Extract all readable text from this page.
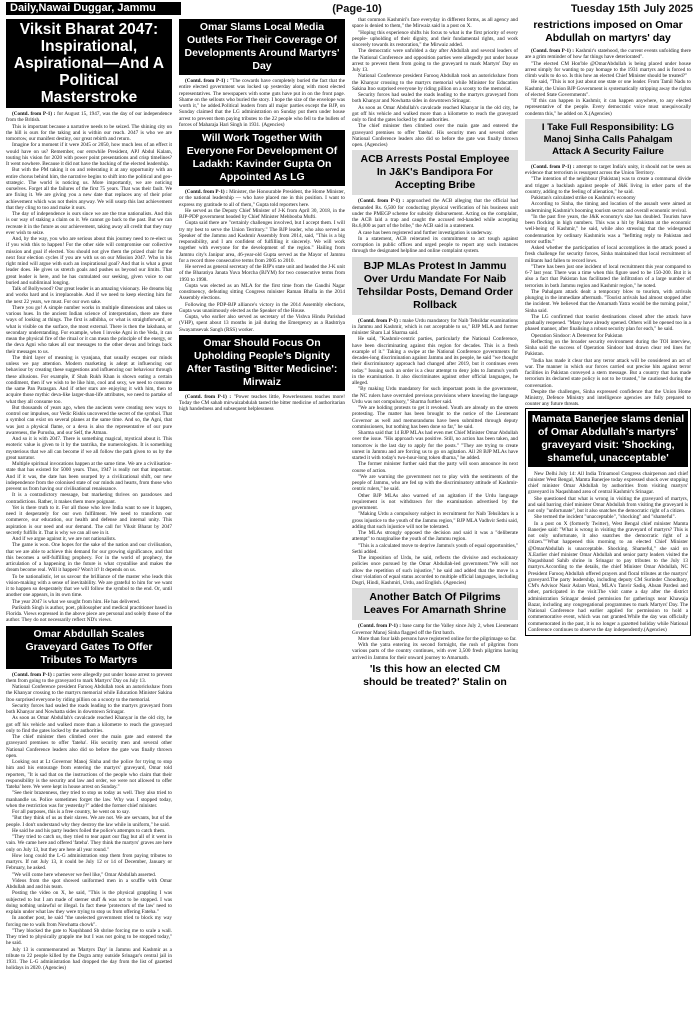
Daily,Nawai Duggar, Jammu	(Page-10)	Tuesday 15th July 2025
Viksit Bharat 2047: Inspirational, Aspirational—And A Political Masterstroke

(Contd. from P-1) : for August 15, 1947, was the day of our independence from the British.

This is important because a narrative needs to be seized. The shining city on the hill is ours for the taking and is within our reach. 2047 is who we are tomorrow, our manifest destiny, our great rebirth and return.

Imagine for a moment if it were 2045 or 2050, how much less of an effect it would have on us? Remember, our erstwhile President, APJ Abdul Kalam, touting his vision for 2020 with power point presentations and crisp timelines? It went nowhere. Because it did not have the backing of the elected leadership.

But with the PM taking it on and reiterating it at any opportunity with an entire chorus behind him, the narrative begins to shift into the political and geo-strategic. The world is noticing us. More importantly, we are noticing ourselves. Forget all the failures of the first 75 years. That was their fault. We are fixing it. We are giving you a new date that replaces any of their prior achievement which was not theirs anyway. We will usurp this last achievement that they cling to too and make it ours.

The day of independence is ours since we are the true nationalists. And this is our way of staking a claim on it. We cannot go back to the past. But we can recreate it in the future as our achievement, taking away all credit that they may ever wish to seize.

And, by the way, you who are serious about this journey need to re-elect us if you wish this to happen! For the other side will compromise our collective mission and goal if elected. You should not give them the prized chair for the next four election cycles if you are with us on our Mission 2047. Who in his right mind will argue with such an inspirational goal? And that is what a great leader does. He gives us stretch goals and pushes us beyond our limits. That great leader is here, and he has cumulated our seeking, given voice to our buried and subliminal longing.

Talk of Bollywood? Our great leader is an amazing visionary. He dreams big and works hard and is irreplaceable. And if we need to keep electing him for the next 22 years, we must. For our own sake.

There you go! A simple number works in multiple dimensions and takes us various hues. In the ancient Indian science of interpretation, there are three ways of looking at things. The first is adhibha, or what is straightforward, or what is visible on the surface, the most external. There is then the lakshana, or secondary understanding. For example, when I invoke Agni in the Veda, it can mean the physical fire of the ritual or it can mean the principle of the energy, or the deva Agni who takes all our messages to the other devas and brings back their messages to us.

The third layer of meaning is vyanjana, that usually escapes our minds unless we pay attention. Modern marketing is adept at influencing our behaviour by creating these suggestions and influencing our behaviour through these allusions. For example, if Shah Rukh Khan is shown eating a certain condiment, then if we wish to be like him, cool and sexy, we need to consume the same Pan Parasgan. And if other stars are enjoying it with him, then to acquire those mythic deva-like larger-than-life attributes, we need to partake of what they all consume too.

But thousands of years ago, when the ancients were creating new ways to control our impulses, our Vedic Rishis uncovered the secret of the symbol. That a symbol can exist on several planes at the same time. And so, the Agni, that was just a physical flame, or a deva is also the representative of our pure awareness, the Purusha, and our Self, the Atman.

And so it is with 2047. There is something magical, mystical about it. This esoteric value is given to it by the tantrika, the numerologists. It is something mysterious that we all can become if we all follow the path given to us by the great narrator.

Multiple spiritual invocations happen at the same time. We are a civilisation-state that has existed for 5000 years. Thus, 1947 is really not that important. And if it was, the date has been usurped by a civilizational shift, our new independence from the colonised state of our minds and hearts, from those who prevent us from having our civilisational renaissance.

It is a contradictory message, but marketing thrives on paradoxes and contradictions. Rather, it makes them more poignant.

Yet is there truth to it. For all those who love India want to see it happen, need it desperately for our own fulfilment. We need to transform our commerce, our education, our health and defense and internal unity. This aspiration is our need and our demand. The call for Viksit Bharat by 2047 secretly fulfills it. That is why we can all see in it.

And if we argue against it, we are not nationalists.

The game is won. One hopes for the sake of the nation and our civilisation, that we are able to achieve this demand for our growing significance, and that this becomes a self-fulfilling prophecy. For in the world of prophecy, the articulation of a happening in the future is what crystallise and makes the dream become real. Will it happen? Won't it? It depends on us.

To be nationalistic, let us savour the brilliance of the master who leads this vision-making with a sense of inevitability. We are grateful to him for we want it to happen so desperately that we will follow the symbol to the end. Or, until another one appears, in its own time.

The year 2047 is what we sought from him. He has delivered.

Pariksith Singh is author, poet, philosopher and medical practitioner based in Florida. Views expressed in the above piece are personal and solely those of the author. They do not necessarily reflect ND's views.

Omar Abdullah Scales Graveyard Gates To Offer Tributes To Martyrs

(Contd. from P-1) : parties were allegedly put under house arrest to prevent them from going to the graveyard to mark Martyrs' Day on July 13.

National Conference president Farooq Abdullah took an autorickshaw from the Khanyar crossing to the martyrs memorial while Education Minister Sakina Itoo surprised everyone by riding pillion on a scooty to the memorial.

Security forces had sealed the roads leading to the martyrs graveyard from both Khanyar and Nowhatta sides in downtown Srinagar.

As soon as Omar Abdullah's cavalcade reached Khanyar in the old city, he got off his vehicle and walked more than a kilometre to reach the graveyard only to find the gates locked by the authorities.

The chief minister then climbed over the main gate and entered the graveyard premises to offer 'fateha'. His security men and several other National Conference leaders also did so before the gate was finally thrown open.

Looking out at Lt Governor Manoj Sinha and the police for trying to stop him and his entourage from entering the martyrs' graveyard, Omar told reporters, "It is sad that on the instructions of the people who claim that their responsibility is the security and law and order, we were not allowed to offer 'fateha' here. We were kept in house arrest on Sunday."

"See their brazenness, they tried to stop us today as well. They also tried to manhandle us. Police sometimes forget the law. Why was I stopped today, when the restriction was for yesterday?" added the former chief minister.

For all purposes, this is a free country, he went on to say.

"But they think of us as their slaves. We are not. We are servants, but of the people. I don't understand why they destroy the law while in uniform," he said.

He said he and his party leaders foiled the police's attempts to catch them.

"They tried to catch us, they tried to tear apart our flag but all of it went in vain. We came here and offered 'fateha'. They think the martyrs' graves are here only on July 13, but they are here all year round."

How long could the L-G administration stop them from paying tributes to martyrs. If not July 13, it could be July 12 or 14 of December, January or February, he asked.

"We will come here whenever we feel like," Omar Abdullah asserted.

Videos from the spot showed uniformed men in a scuffle with Omar Abdullah and and his team.

Posting the video on X, he said, "This is the physical grappling I was subjected to but I am made of sterner stuff & was not to be stopped. I was doing nothing unlawful or illegal. In fact these 'protectors of the law' need to explain under what law they were trying to stop us from offering Fateha."

In another post, he said "the unelected government tried to block my way forcing me to walk from Nowhatta chowk".

"They blocked the gate to Naqshband Sb shrine forcing me to scale a wall. They tried to physically grapple me but I was not going to be stopped today," he said.

July 13 is commemorated as 'Martyrs Day' in Jammu and Kashmir as a tribute to 22 people killed by the Dogra army outside Srinagar's central jail in 1931. The L-G administration had dropped the day from the list of gazetted holidays in 2020. (Agencies)

Omar Slams Local Media Outlets For Their Coverage Of Developments Around Martyrs' Day

(Contd. from P-1) : "The cowards have completely buried the fact that the entire elected government was locked up yesterday along with most elected representatives. The newspapers with some guts have put in on the front page. Shame on the sellouts who buried the story. I hope the size of the envelope was worth it," he added.Political leaders from all major parties except the BJP, on Sunday claimed that the LG administration on Sunday put them under house arrest to prevent them paying tributes to the 22 people who fell to the bullets of forces of Maharaja Hari Singh in 1931. (Agencies)

Will Work Together With Everyone For Development Of Ladakh: Kavinder Gupta On Appointed As LG

(Contd. from P-1) : Minister, the Honourable President, the Home Minister, or the national leadership — who have placed me in this position. I want to express my gratitude to all of them," Gupta told reporters here.

He served as the Deputy Chief Minister of J-K from April 30, 2018, in the BJP-PDP government headed by Chief Minister Mehbooba Mufti.

Gupta said there are "certainly challenges involved, but I accept them. I will try my best to serve the Union Territory." The BJP leader, who also served as Speaker of the Jammu and Kashmir Assembly from 2014, said, "This is a big responsibility, and I am confident of fulfilling it sincerely. We will work together with everyone for the development of the region." Hailing from Jammu city's Janipur area, 46-year-old Gupta served as the Mayor of Jammu for a record three consecutive terms from 2005 to 2010.

He served as general secretary of the BJP's state unit and headed the J-K unit of the Bharatiya Janata Yuva Morcha (BJYM) for two consecutive terms from 1993 to 1998.

Gupta was elected as an MLA for the first time from the Gandhi Nagar constituency, defeating sitting Congress minister Raman Bhalla in the 2014 Assembly elections.

Following the PDP-BJP alliance's victory in the 2014 Assembly elections, Gupta was unanimously elected as the Speaker of the House.

Gupta, who earlier also served as secretary of the Vishva Hindu Parishad (VHP), spent about 13 months in jail during the Emergency as a Rashtriya Swayamsevak Sangh (RSS) worker.

Omar Should Focus On Upholding People's Dignity After Tasting 'Bitter Medicine': Mirwaiz

(Contd. from P-1) : "Power teaches little, Powerlessness teaches more! Today the CM sahab mirwaizabdulah tasted the bitter medicine of authoritarian high handedness and subsequent helplessness

that common Kashmiri's face everyday in different forms, as all agency and space is denied to them," the Mirwaiz said in a post on X.

"Hoping this experience shifts his focus to what is the first priority of every people- upholding of their dignity, and their fundamental rights, and work sincerely towards its restoration," the Mirwaiz added.

The democratic were unfolded a day after Abdullah and several leaders of the National Conference and opposition parties were allegedly put under house arrest to prevent them from going to the graveyard to mark Martyrs' Day on July 13.

National Conference president Farooq Abdullah took an autorickshaw from the Khanyar crossing to the martyrs memorial while Minister for Education Sakina Itoo surprised everyone by riding pillion on a scooty to the memorial.

Security forces had sealed the roads leading to the martyrs graveyard from both Khanyar and Nowhatta sides in downtown Srinagar.

As soon as Omar Abdullah's cavalcade reached Khanyar in the old city, he got off his vehicle and walked more than a kilometre to reach the graveyard only to find the gates locked by the authorities.

The chief minister then climbed over the main gate and entered the graveyard premises to offer 'fateha'. His security men and several other National Conference leaders also did so before the gate was finally thrown open. (Agencies)

ACB Arrests Postal Employee In J&K's Bandipora For Accepting Bribe

(Contd. from P-1) : approached the ACB alleging that the official had demanded Rs. 6,500 for conducting physical verification of his business unit under the PMEGP scheme for subsidy disbursement. Acting on the complaint, the ACB laid a trap and caught the accused red-handed while accepting Rs.6,000 as part of the bribe," the ACB said in a statement.

A case has been registered and further investigation is underway.

In a statement, ACB reiterated its commitment to act tough against corruption in public offices and urged people to report any such instances through the designated helpline and online complaint system.

BJP MLAs Protest In Jammu Over Urdu Mandate For Naib Tehsildar Posts, Demand Order Rollback

(Contd. from P-1) : make Urdu mandatory for Naib Tehsildar examinations in Jammu and Kashmir, which is not acceptable to us," BJP MLA and former minister Sham Lal Sharma said.

He said, "Kashmir-centric parties, particularly the National Conference, have been discriminating against this region for decades. This is a fresh example of it." Taking a swipe at the National Conference governments for decades-long discrimination against Jammu and its people, he said "we thought their discriminatory approach had changed after 2019, but it continues even today." Issuing such an order is a clear attempt to deny jobs to Jammu's youth in the examination. It also discriminates against other official languages, he alleged.

"By making Urdu mandatory for such important posts in the government, the NC rulers have overruled previous provisions where knowing the language Urdu was not compulsory," Sharma further said.

"We are holding protests to get it revoked. Youth are already on the streets protesting. The matter has been brought to the notice of the Lieutenant Governor as well and memorandums have been submitted through deputy commissioners, but nothing has been done so far," he said.

Sharma said that 14 BJP MLAs had even met Chief Minister Omar Abdullah over the issue. "His approach was positive. Still, no action has been taken, and tomorrow is the last day to apply for the posts." "They are trying to create unrest in Jammu and are forcing us to go on agitation. All 28 BJP MLAs have started it with today's two-hour-long token dharna," he added.

The former minister further said that the party will soon announce its next course of action.

"We are warning the government not to play with the sentiments of the people of Jammu, who are fed up with the discriminatory attitude of Kashmir-centric rulers," he said.

Other BJP MLAs also warned of an agitation if the Urdu language requirement is not withdrawn for the examination advertised by the government.

"Making Urdu a compulsory subject in recruitment for Naib Tehsildars is a gross injustice to the youth of the Jammu region," BJP MLA Vadhvir Sethi said, adding that such injustice will not be tolerated.

The MLAs strongly opposed the decision and said it was a "deliberate attempt" to marginalise the youth of the Jammu region.

"This is a calculated move to deprive Jammu's youth of equal opportunities," Sethi added.

The imposition of Urdu, he said, reflects the divisive and exclusionary policies once pursued by the Omar Abdullah-led government."We will not allow the repetition of such injustice," he said and added that the move is a clear violation of equal status accorded to multiple official languages, including Dogri, Hindi, Kashmiri, Urdu, and English. (Agencies)

Another Batch Of Pilgrims Leaves For Amarnath Shrine

(Contd. from P-1) : base camp for the Valley since July 2, when Lieutenant Governor Manoj Sinha flagged off the first batch.

More than four lakh persons have registered online for the pilgrimage so far.

With the yatra entering its second fortnight, the rush of pilgrims from various parts of the country continues, with over 3,500 fresh pilgrims having arrived in Jammu for their onward journey to Amarnath.

'Is this how an elected CM should be treated?' Stalin on
restrictions imposed on Omar Abdullah on martyrs' day

(Contd. from P-1) : Kashmir's statehood, the current events unfolding there are a grim reminder of how far things have deteriorated".

"The elected CM Hon'ble @OmarAbdullah is being placed under house arrest simply for wanting to pay homage to the 1931 martyrs and is forced to climb walls to do so. Is this how an elected Chief Minister should be treated?"

He said, "This is not just about one state or one leader. From Tamil Nadu to Kashmir, the Union BJP Government is systematically stripping away the rights of elected State Governments".

"If this can happen in Kashmir, it can happen anywhere, to any elected representative of the people. Every democratic voice must unequivocally condemn this," he added on X.(Agencies)

I Take Full Responsibility: LG Manoj Sinha Calls Pahalgam Attack A Security Failure

(Contd. from P-1) : attempt to target India's unity, it should not be seen as evidence that terrorism is resurgent across the Union Territory.

"The intention of the neighbour (Pakistan) was to create a communal divide and trigger a backlash against people of J&K living in other parts of the country, adding to the feeling of alienation," he said.

Pakistan's calculated strike on Kashmir's economy

According to Sinha, the timing and location of the assault were aimed at undermining Kashmir's booming tourism sector and overall economic revival.

"In the past five years, the J&K economy's size has doubled. Tourists have been flocking in high numbers. This was a hit by Pakistan at the economic well-being of Kashmir," he said, while also stressing that the widespread condemnation by ordinary Kashmiris was a "befitting reply to Pakistan and terror outfits."

Asked whether the participation of local accomplices in the attack posed a fresh challenge for security forces, Sinha maintained that local recruitment of militants had fallen to record lows.

"There has been just one incident of local recruitment this year compared to 6-7 last year. There was a time when this figure used to be 150-200. But it is also a fact that Pakistan has facilitated the infiltration of a large number of terrorists in both Jammu region and Kashmir region," he noted.

The Pahalgam attack dealt a temporary blow to tourism, with arrivals plunging in the immediate aftermath. "Tourist arrivals had almost stopped after the incident. We believed that the Amarnath Yatra would be the turning point," Sinha said.

The LG confirmed that tourist destinations closed after the attack have gradually reopened. "Many have already opened. Others will be opened too in a phased manner, after finalising a robust security plan for each," he said.

Operation Sindoor: A Deterrent for Pakistan

Reflecting on the broader security environment during the TOI interview, Sinha said the success of Operation Sindoor had drawn clear red lines for Pakistan.

"India has made it clear that any terror attack will be considered an act of war. The manner in which our forces carried out precise hits against terror facilities in Pakistan conveyed a stern message. But a country that has made terrorism its declared state policy is not to be trusted," he cautioned during the conversation.

Despite the challenges, Sinha expressed confidence that the Union Home Ministry, Defence Ministry and intelligence agencies are fully prepared to counter any future threats.

Mamata Banerjee slams denial of Omar Abdullah's martyrs' graveyard visit: 'Shocking, shameful, unacceptable'

New Delhi July 14: All India Trinamool Congress chairperson and chief minister West Bengal, Mamta Banerjee today expressed shock over stopping chief minister Omar Abdullah by authorities from visiting martyrs' graveyard in Naqashband area of central Kashmir's Srinagar.

She questioned that what is wrong in visiting the graveyard of martyrs, and said barring chief minister Omar Abdullah from visiting the graveyard is not only "unfortunate", but it also snatches the democratic right of a citizen.

She termed the incident "unacceptable", "shocking" and "shameful".

In a post on X (formerly Twitter), West Bengal chief minister Mamta Banerjee said: "What is wrong in visiting the graveyard of martyrs? This is not only unfortunate, it also snatches the democratic right of a citizen.""What happened this morning to an elected Chief Minister @OmarAbdullah is unacceptable. Shocking. Shameful," she said on X.Earlier chief minister Omar Abdullah and senior party leaders visited the Naqashband Sahib shrine in Srinagar to pay tributes to the July 13 martyrs.According to the details, the chief Minister Omar Abdullah, NC President Farooq Abdullah offered prayers and floral tributes at the martyrs' graveyard.The party leadership, including deputy CM Surinder Choudhary, CM's Advisor Nasir Aslam Wani, MLA's Tanvir Sadiq, Ahsan Pardesi and other, participated in the visit.The visit came a day after the district administration Srinagar denied permission for gatherings near Khawaja Bazar, including any congregational programmes to mark Martyrs' Day. The National Conference had earlier applied for permission to hold a commemorative event, which was not granted.While the day was officially commemorated in the past, it is no longer a gazetted holiday while National Conference continues to observe the day independently.(Agencies)
